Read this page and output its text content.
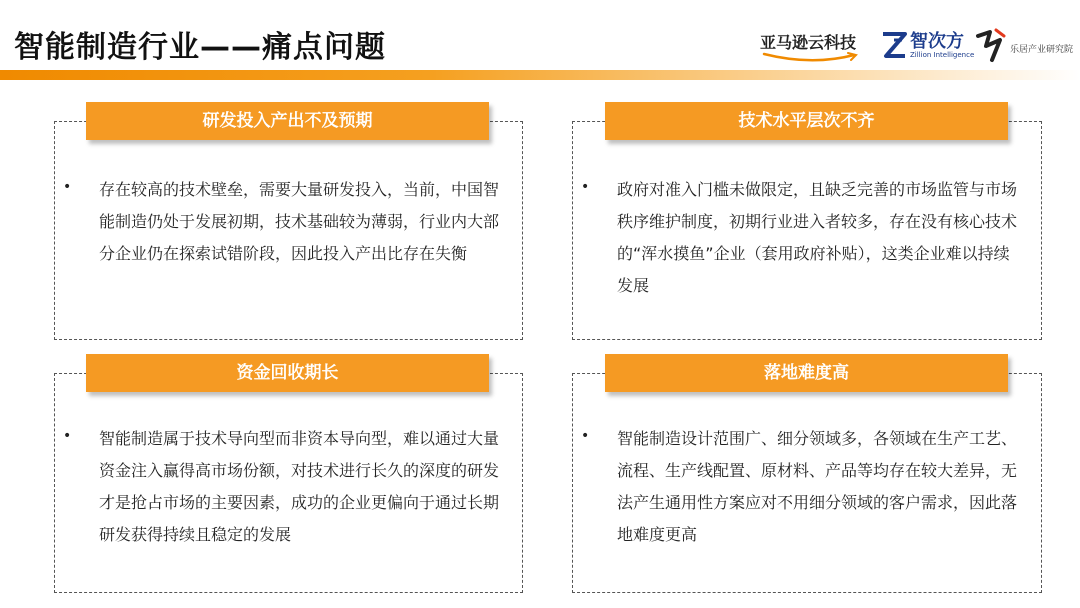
智能制造行业——痛点问题	亚马逊云科技	智次方
Zillion Intelligence	乐居产业研究院
• 存在较高的技术壁垒，需要大量研发投入，当前，中国智能制造仍处于发展初期，技术基础较为薄弱，行业内大部分企业仍在探索试错阶段，因此投入产出比存在失衡

研发投入产出不及预期
• 政府对准入门槛未做限定，且缺乏完善的市场监管与市场秩序维护制度，初期行业进入者较多，存在没有核心技术的“浑水摸鱼”企业（套用政府补贴），这类企业难以持续发展

技术水平层次不齐
• 智能制造属于技术导向型而非资本导向型，难以通过大量资金注入赢得高市场份额，对技术进行长久的深度的研发才是抢占市场的主要因素，成功的企业更偏向于通过长期研发获得持续且稳定的发展

资金回收期长
• 智能制造设计范围广、细分领域多，各领域在生产工艺、流程、生产线配置、原材料、产品等均存在较大差异，无法产生通用性方案应对不用细分领域的客户需求，因此落地难度更高

落地难度高
